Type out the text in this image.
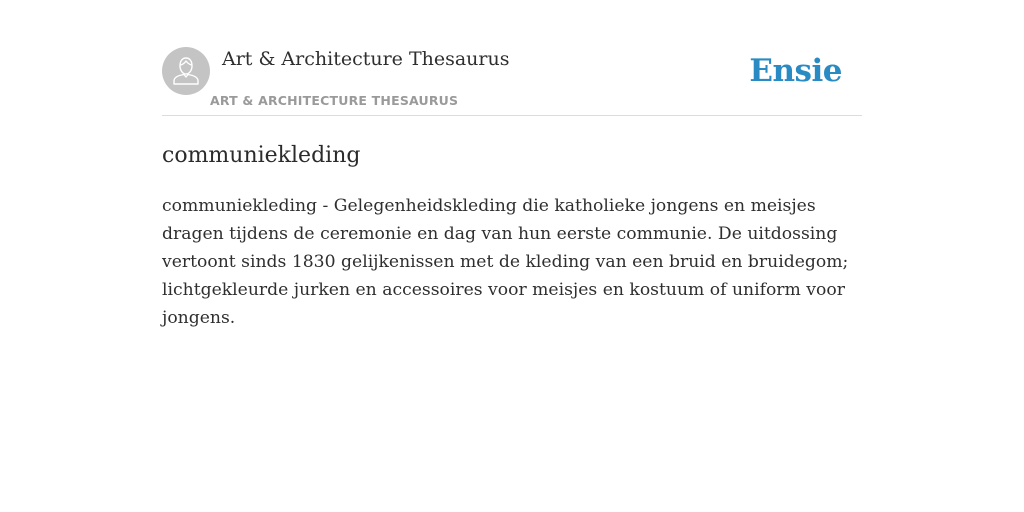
Art & Architecture Thesaurus
ART & ARCHITECTURE THESAURUS
Ensie
communiekleding

communiekleding - Gelegenheidskleding die katholieke jongens en meisjes dragen tijdens de ceremonie en dag van hun eerste communie. De uitdossing vertoont sinds 1830 gelijkenissen met de kleding van een bruid en bruidegom; lichtgekleurde jurken en accessoires voor meisjes en kostuum of uniform voor jongens.
